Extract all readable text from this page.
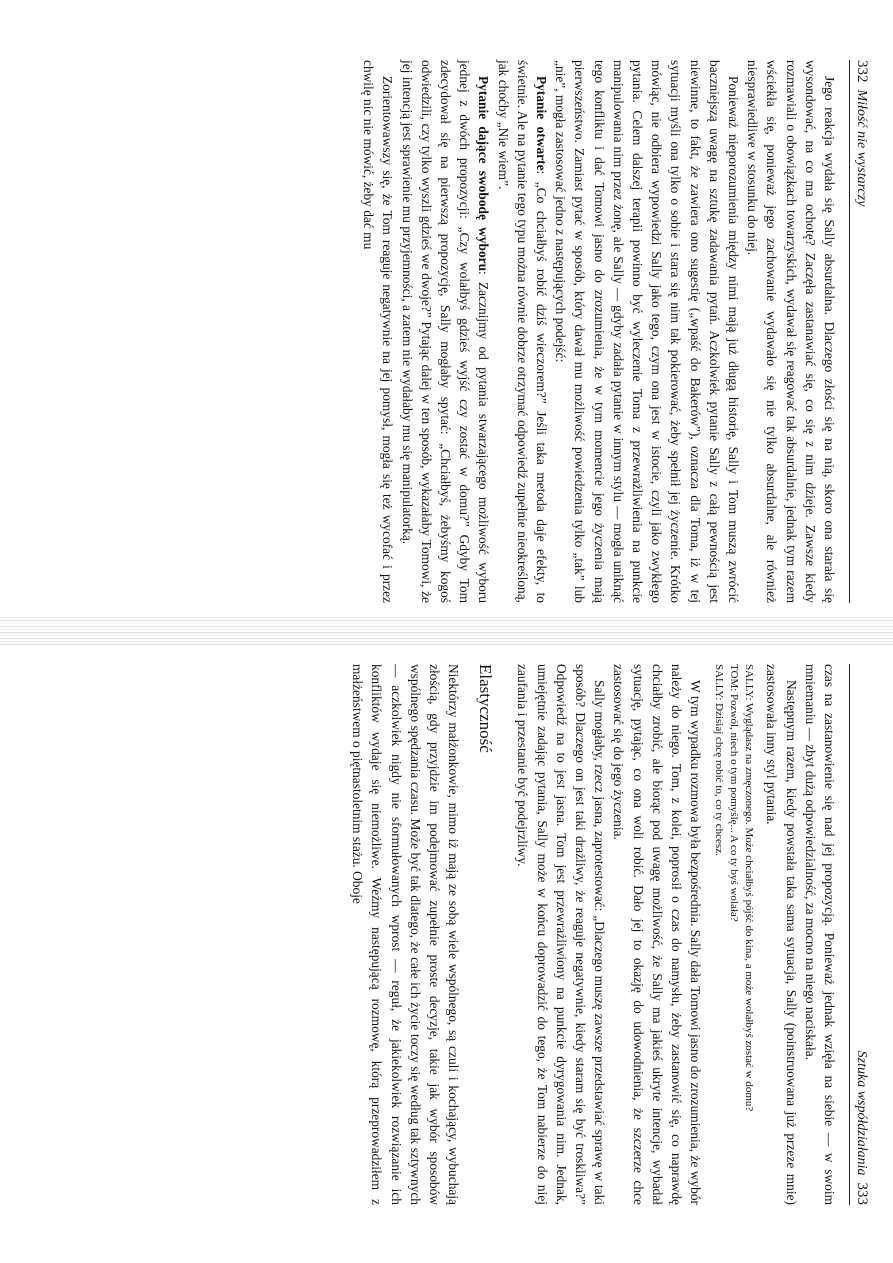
332  Miłość nie wystarczy

Jego reakcja wydała się Sally absurdalna. Dlaczego złości się na nią, skoro ona starała się wysondować, na co ma ochotę? Zaczęła zastanawiać się, co się z nim dzieje. Zawsze kiedy rozmawiali o obowiązkach towarzyskich, wydawał się reagować tak absurdalnie, jednak tym razem wściekła się, ponieważ jego zachowanie wydawało się nie tylko absurdalne, ale również niesprawiedliwe w stosunku do niej.

Ponieważ nieporozumienia między nimi mają już długą historię, Sally i Tom muszą zwrócić baczniejszą uwagę na sztukę zadawania pytań. Aczkolwiek pytanie Sally z całą pewnością jest niewinne, to fakt, że zawiera ono sugestię („wpaść do Bakerów”), oznacza dla Toma, iż w tej sytuacji myśli ona tylko o sobie i stara się nim tak pokierować, żeby spełnił jej życzenie. Krótko mówiąc, nie odbiera wypowiedzi Sally jako tego, czym ona jest w istocie, czyli jako zwykłego pytania. Celem dalszej terapii powinno być wyleczenie Toma z przewrażliwienia na punkcie manipulowania nim przez żonę, ale Sally — gdyby zadała pytanie w innym stylu — mogła uniknąć tego konfliktu i dać Tomowi jasno do zrozumienia, że w tym momencie jego życzenia mają pierwszeństwo. Zamiast pytać w sposób, który dawał mu możliwość powiedzenia tylko „tak” lub „nie”, mogła zastosować jedno z następujących podejść:

Pytanie otwarte: „Co chciałbyś robić dziś wieczorem?” Jeśli taka metoda daje efekty, to świetnie. Ale na pytanie tego typu można równie dobrze otrzymać odpowiedź zupełnie nieokreśloną, jak choćby „Nie wiem”.

Pytanie dające swobodę wyboru: Zacznijmy od pytania stwarzającego możliwość wyboru jednej z dwóch propozycji: „Czy wolałbyś gdzieś wyjść czy zostać w domu?” Gdyby Tom zdecydował się na pierwszą propozycję, Sally mogłaby spytać: „Chciałbyś, żebyśmy kogoś odwiedzili, czy tylko wyszli gdzieś we dwoje?” Pytając dalej w ten sposób, wykazałaby Tomowi, że jej intencją jest sprawienie mu przyjemności, a zatem nie wydałaby mu się manipulatorką.

Zorientowawszy się, że Tom reaguje negatywnie na jej pomysł, mogła się też wycofać i przez chwilę nic nie mówić, żeby dać mu

Sztuka współdziałania  333

czas na zastanowienie się nad jej propozycją. Ponieważ jednak wzięła na siebie — w swoim mniemaniu — zbyt dużą odpowiedzialność, za mocno na niego naciskała.

Następnym razem, kiedy powstała taka sama sytuacja, Sally (poinstruowana już przeze mnie) zastosowała inny styl pytania.

SALLY: Wyglądasz na zmęczonego. Może chciałbyś pójść do kina, a może wolałbyś zostać w domu?

TOM: Pozwól, niech o tym pomyślę... A co ty byś wolała?

SALLY: Dzisiaj chcę robić to, co ty chcesz.

W tym wypadku rozmowa była bezpośrednia. Sally dała Tomowi jasno do zrozumienia, że wybór należy do niego. Tom, z kolei, poprosił o czas do namysłu, żeby zastanowić się, co naprawdę chciałby zrobić, ale biorąc pod uwagę możliwość, że Sally ma jakieś ukryte intencje, wybadał sytuację, pytając, co ona woli robić. Dało jej to okazję do udowodnienia, że szczerze chce zastosować się do jego życzenia.

Sally mogłaby, rzecz jasna, zaprotestować: „Dlaczego muszę zawsze przedstawiać sprawę w taki sposób? Dlaczego on jest taki drażliwy, że reaguje negatywnie, kiedy staram się być troskliwa?” Odpowiedź na to jest jasna. Tom jest przewrażliwiony na punkcie dyrygowania nim. Jednak, umiejętnie zadając pytania, Sally może w końcu doprowadzić do tego, że Tom nabierze do niej zaufania i przestanie być podejrzliwy.

Elastyczność

Niektórzy małżonkowie, mimo iż mają ze sobą wiele wspólnego, są czuli i kochający, wybuchają złością, gdy przyjdzie im podejmować zupełnie proste decyzje, takie jak wybór sposobów wspólnego spędzania czasu. Może być tak dlatego, że całe ich życie toczy się według tak sztywnych — aczkolwiek nigdy nie sformułowanych wprost — reguł, że jakiekolwiek rozwiązanie ich konfliktów wydaje się niemożliwe. Weźmy następującą rozmowę, którą przeprowadziłem z małżeństwem o piętnastoletnim stażu. Oboje
